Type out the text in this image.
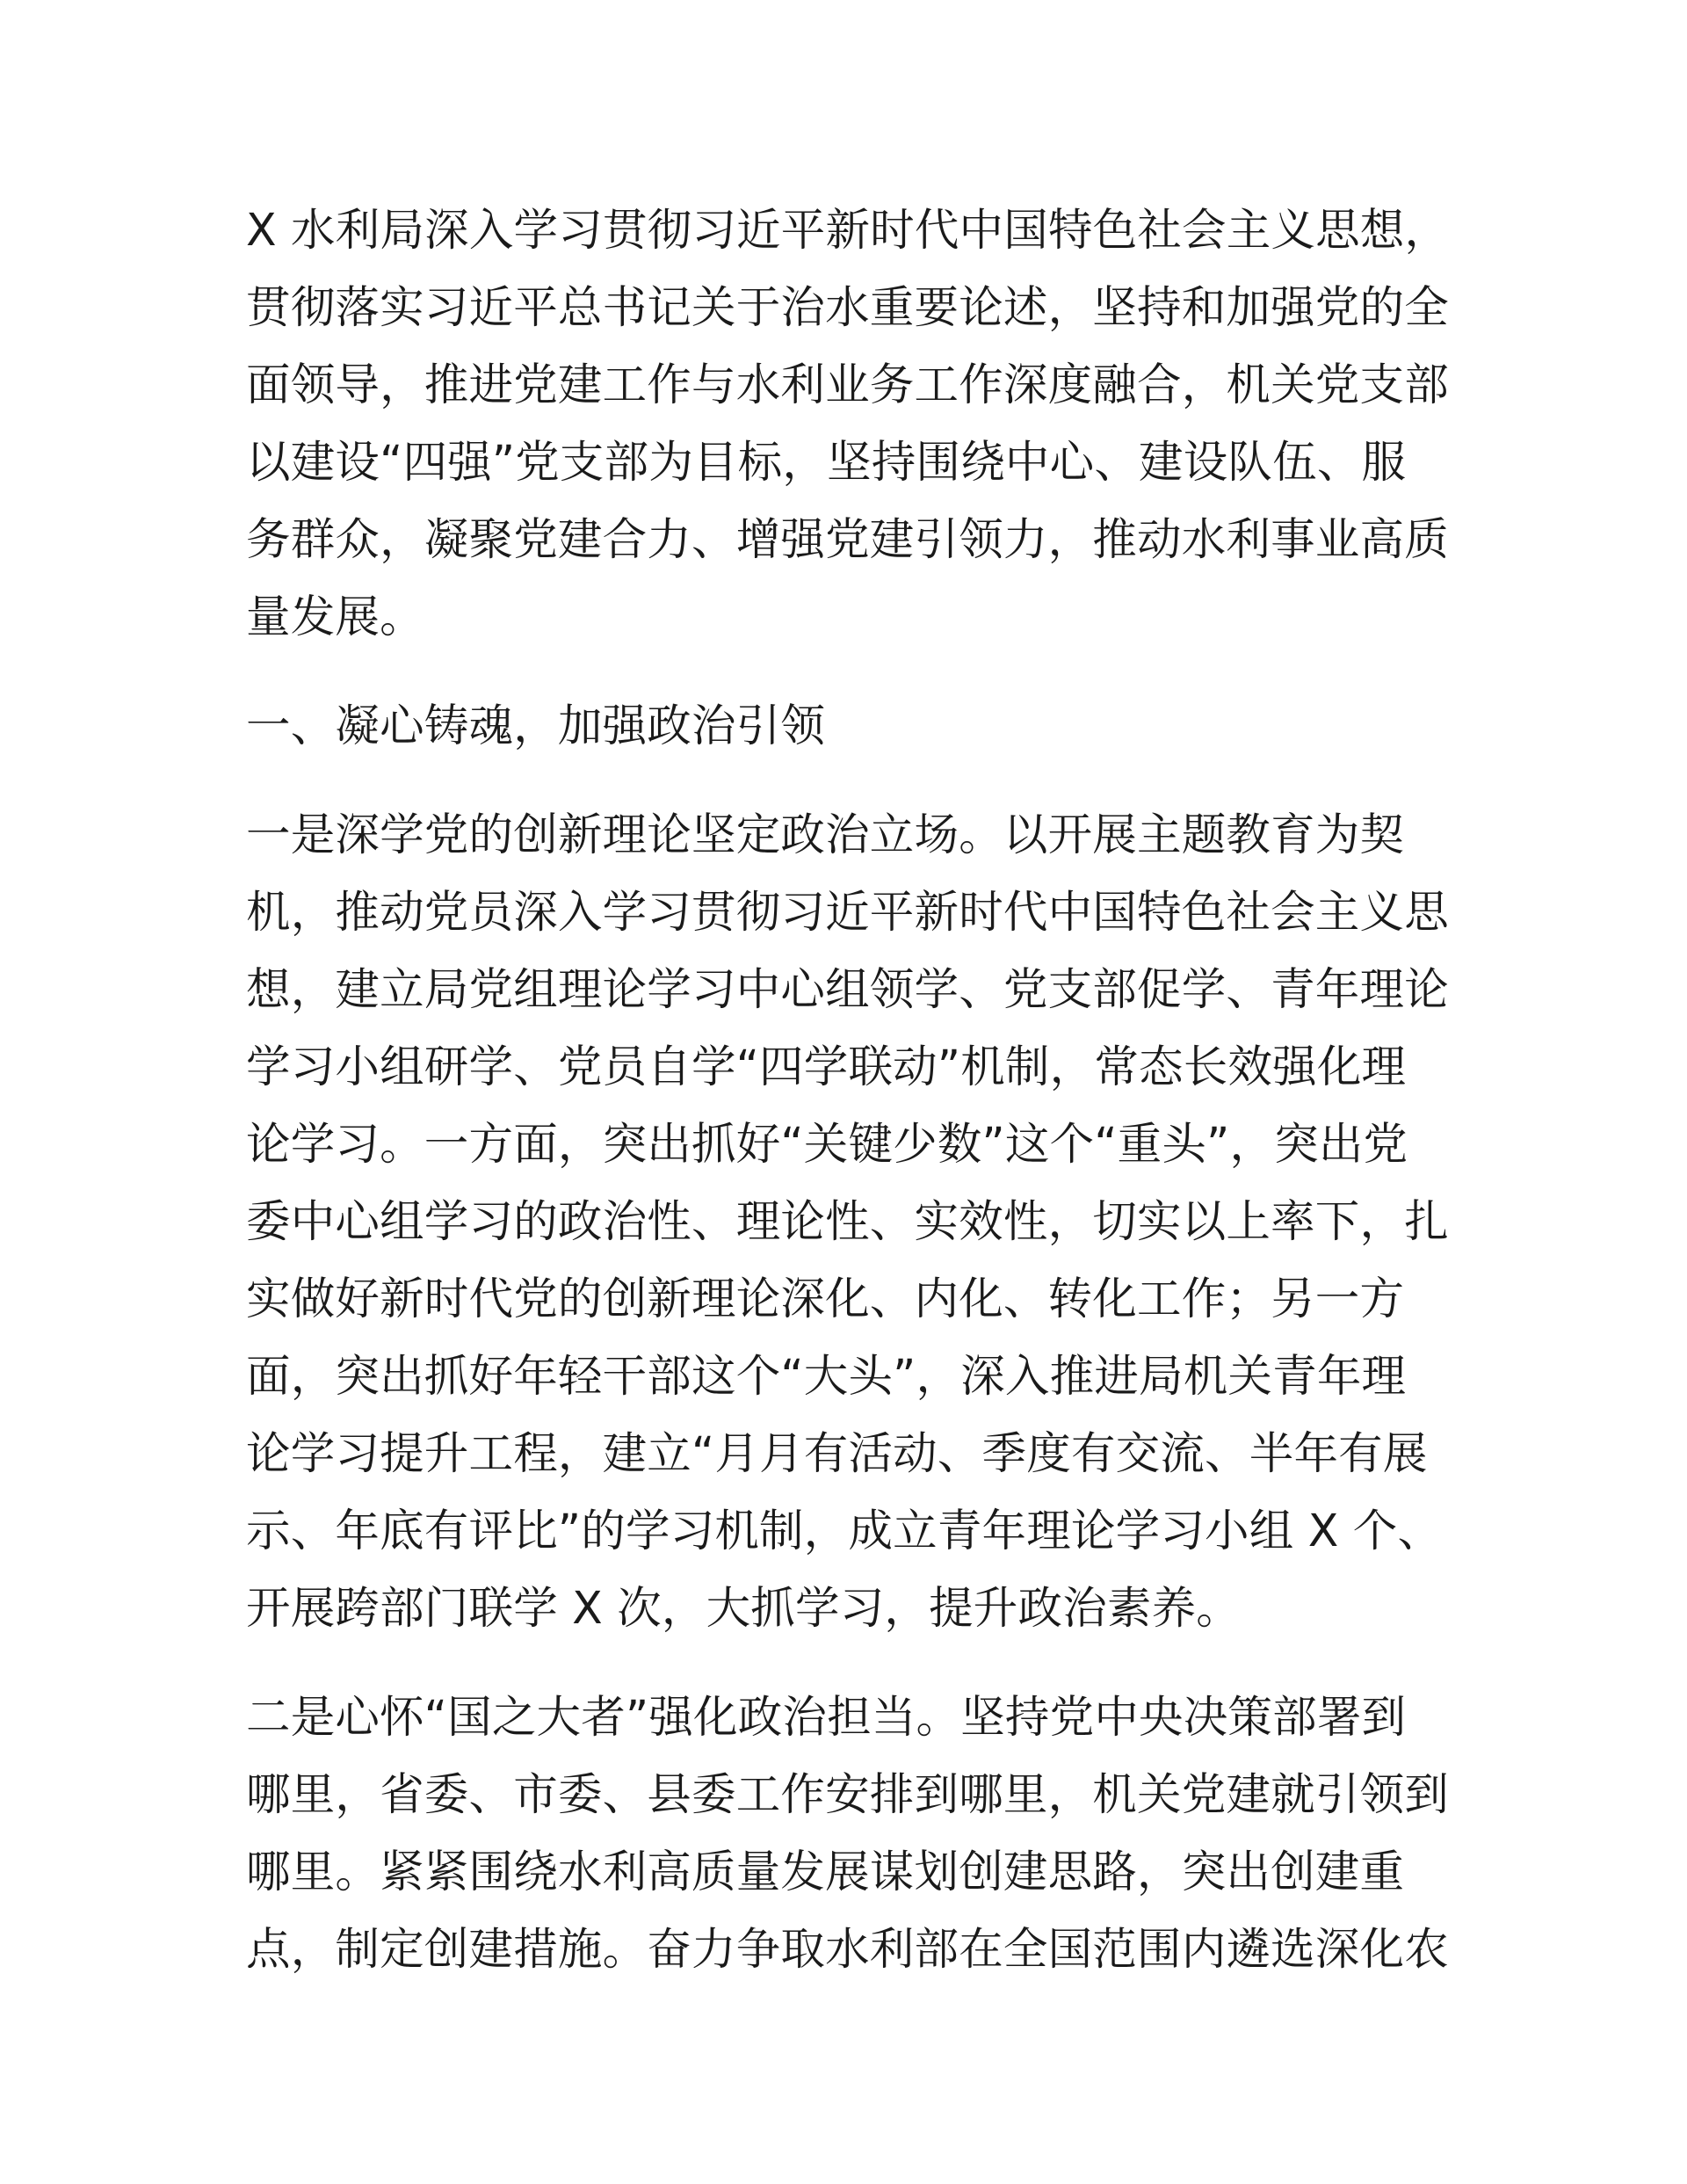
X 水利局深入学习贯彻习近平新时代中国特色社会主义思想，
贯彻落实习近平总书记关于治水重要论述，坚持和加强党的全
面领导，推进党建工作与水利业务工作深度融合，机关党支部
以建设“四强”党支部为目标，坚持围绕中心、建设队伍、服
务群众，凝聚党建合力、增强党建引领力，推动水利事业高质
量发展。

一、凝心铸魂，加强政治引领

一是深学党的创新理论坚定政治立场。以开展主题教育为契
机，推动党员深入学习贯彻习近平新时代中国特色社会主义思
想，建立局党组理论学习中心组领学、党支部促学、青年理论
学习小组研学、党员自学“四学联动”机制，常态长效强化理
论学习。一方面，突出抓好“关键少数”这个“重头”，突出党
委中心组学习的政治性、理论性、实效性，切实以上率下，扎
实做好新时代党的创新理论深化、内化、转化工作；另一方
面，突出抓好年轻干部这个“大头”，深入推进局机关青年理
论学习提升工程，建立“月月有活动、季度有交流、半年有展
示、年底有评比”的学习机制，成立青年理论学习小组 X 个、
开展跨部门联学 X 次，大抓学习，提升政治素养。

二是心怀“国之大者”强化政治担当。坚持党中央决策部署到
哪里，省委、市委、县委工作安排到哪里，机关党建就引领到
哪里。紧紧围绕水利高质量发展谋划创建思路，突出创建重
点，制定创建措施。奋力争取水利部在全国范围内遴选深化农
